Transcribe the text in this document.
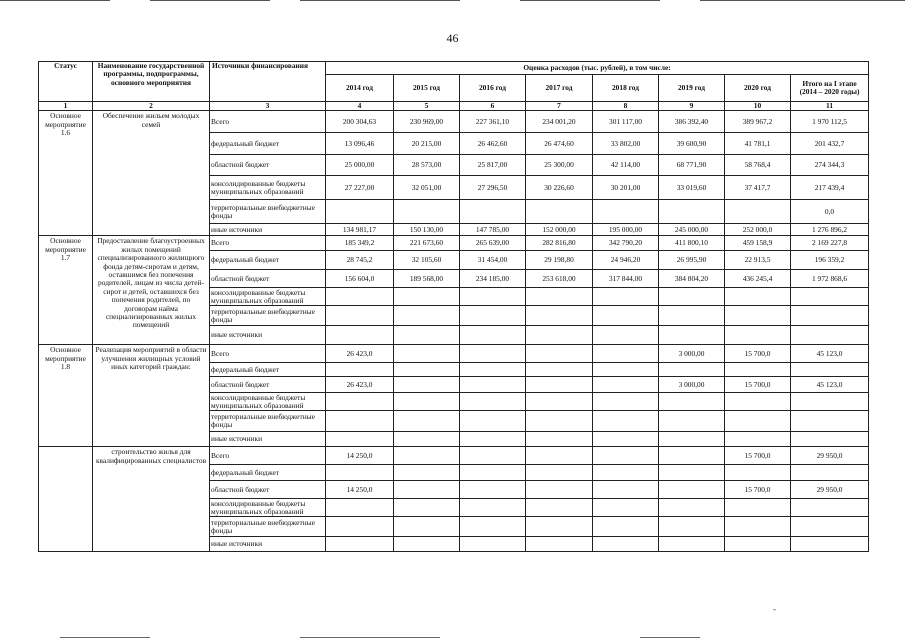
46
Статус	Наименование государственной программы, подпрограммы, основного мероприятия	Источники финансирования	Оценка расходов (тыс. рублей), в том числе:							
			2014 год	2015 год	2016 год	2017 год	2018 год	2019 год	2020 год	Итого на I этапе (2014 – 2020 годы)
1	2	3	4	5	6	7	8	9	10	11
Основное мероприятие 1.6	Обеспечение жильем молодых семей	Всего	200 304,63	230 969,00	227 361,10	234 001,20	301 117,00	386 392,40	389 967,2	1 970 112,5
		федеральный бюджет	13 096,46	20 215,00	26 462,60	26 474,60	33 802,00	39 600,90	41 781,1	201 432,7
		областной бюджет	25 000,00	28 573,00	25 817,00	25 300,00	42 114,00	68 771,90	58 768,4	274 344,3
		консолидированные бюджеты муниципальных образований	27 227,00	32 051,00	27 296,50	30 226,60	30 201,00	33 019,60	37 417,7	217 439,4
		территориальные внебюджетные фонды								0,0
		иные источники	134 981,17	150 130,00	147 785,00	152 000,00	195 000,00	245 000,00	252 000,0	1 276 896,2
Основное мероприятие 1.7	Предоставление благоустроенных жилых помещений специализированного жилищного фонда детям-сиротам и детям, оставшимся без попечения родителей, лицам из числа детей-сирот и детей, оставшихся без попечения родителей, по договорам найма специализированных жилых помещений	Всего	185 349,2	221 673,60	265 639,00	282 816,80	342 790,20	411 800,10	459 158,9	2 169 227,8
		федеральный бюджет	28 745,2	32 105,60	31 454,00	29 198,80	24 946,20	26 995,90	22 913,5	196 359,2
		областной бюджет	156 604,0	189 568,00	234 185,00	253 618,00	317 844,00	384 804,20	436 245,4	1 972 868,6
		консолидированные бюджеты муниципальных образований								
		территориальные внебюджетные фонды								
		иные источники								
Основное мероприятие 1.8	Реализация мероприятий в области улучшения жилищных условий иных категорий граждан:	Всего	26 423,0					3 000,00	15 700,0	45 123,0
		федеральный бюджет								
		областной бюджет	26 423,0					3 000,00	15 700,0	45 123,0
		консолидированные бюджеты муниципальных образований								
		территориальные внебюджетные фонды								
		иные источники								
	строительство жилья для квалифицированных специалистов	Всего	14 250,0						15 700,0	29 950,0
		федеральный бюджет								
		областной бюджет	14 250,0						15 700,0	29 950,0
		консолидированные бюджеты муниципальных образований								
		территориальные внебюджетные фонды								
		иные источники								
-
